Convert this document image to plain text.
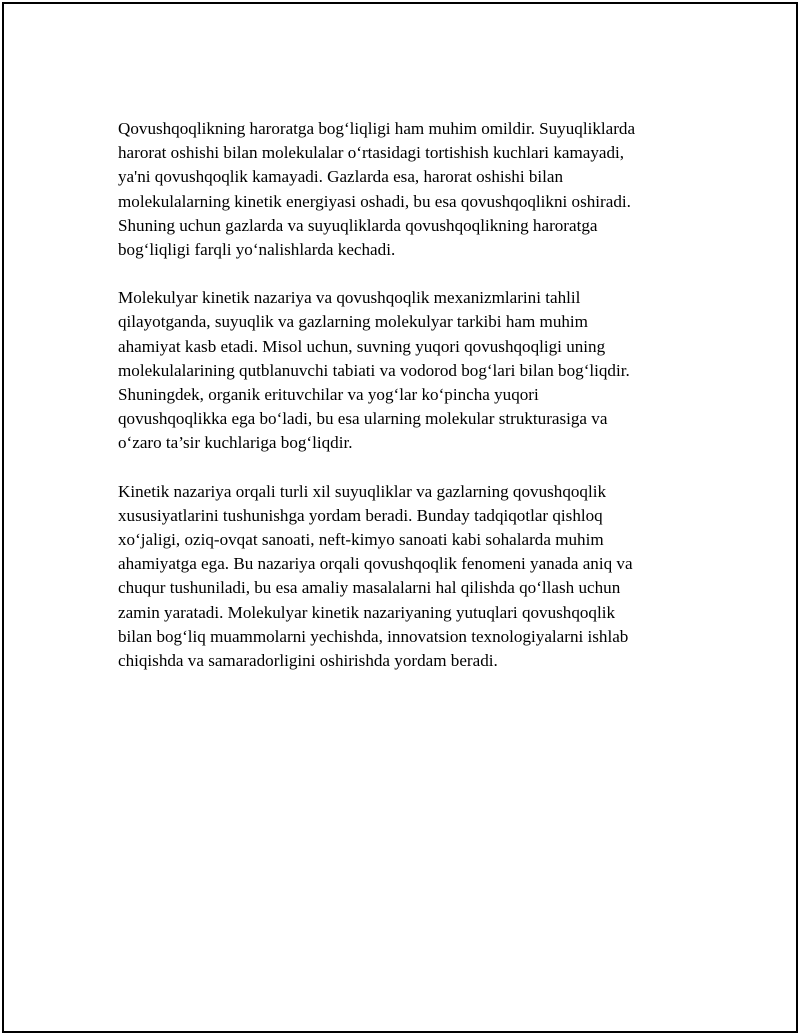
Qovushqoqlikning haroratga bog‘liqligi ham muhim omildir. Suyuqliklarda
harorat oshishi bilan molekulalar o‘rtasidagi tortishish kuchlari kamayadi,
ya'ni qovushqoqlik kamayadi. Gazlarda esa, harorat oshishi bilan
molekulalarning kinetik energiyasi oshadi, bu esa qovushqoqlikni oshiradi.
Shuning uchun gazlarda va suyuqliklarda qovushqoqlikning haroratga
bog‘liqligi farqli yo‘nalishlarda kechadi.

Molekulyar kinetik nazariya va qovushqoqlik mexanizmlarini tahlil
qilayotganda, suyuqlik va gazlarning molekulyar tarkibi ham muhim
ahamiyat kasb etadi. Misol uchun, suvning yuqori qovushqoqligi uning
molekulalarining qutblanuvchi tabiati va vodorod bog‘lari bilan bog‘liqdir.
Shuningdek, organik erituvchilar va yog‘lar ko‘pincha yuqori
qovushqoqlikka ega bo‘ladi, bu esa ularning molekular strukturasiga va
o‘zaro ta’sir kuchlariga bog‘liqdir.

Kinetik nazariya orqali turli xil suyuqliklar va gazlarning qovushqoqlik
xususiyatlarini tushunishga yordam beradi. Bunday tadqiqotlar qishloq
xo‘jaligi, oziq-ovqat sanoati, neft-kimyo sanoati kabi sohalarda muhim
ahamiyatga ega. Bu nazariya orqali qovushqoqlik fenomeni yanada aniq va
chuqur tushuniladi, bu esa amaliy masalalarni hal qilishda qo‘llash uchun
zamin yaratadi. Molekulyar kinetik nazariyaning yutuqlari qovushqoqlik
bilan bog‘liq muammolarni yechishda, innovatsion texnologiyalarni ishlab
chiqishda va samaradorligini oshirishda yordam beradi.
